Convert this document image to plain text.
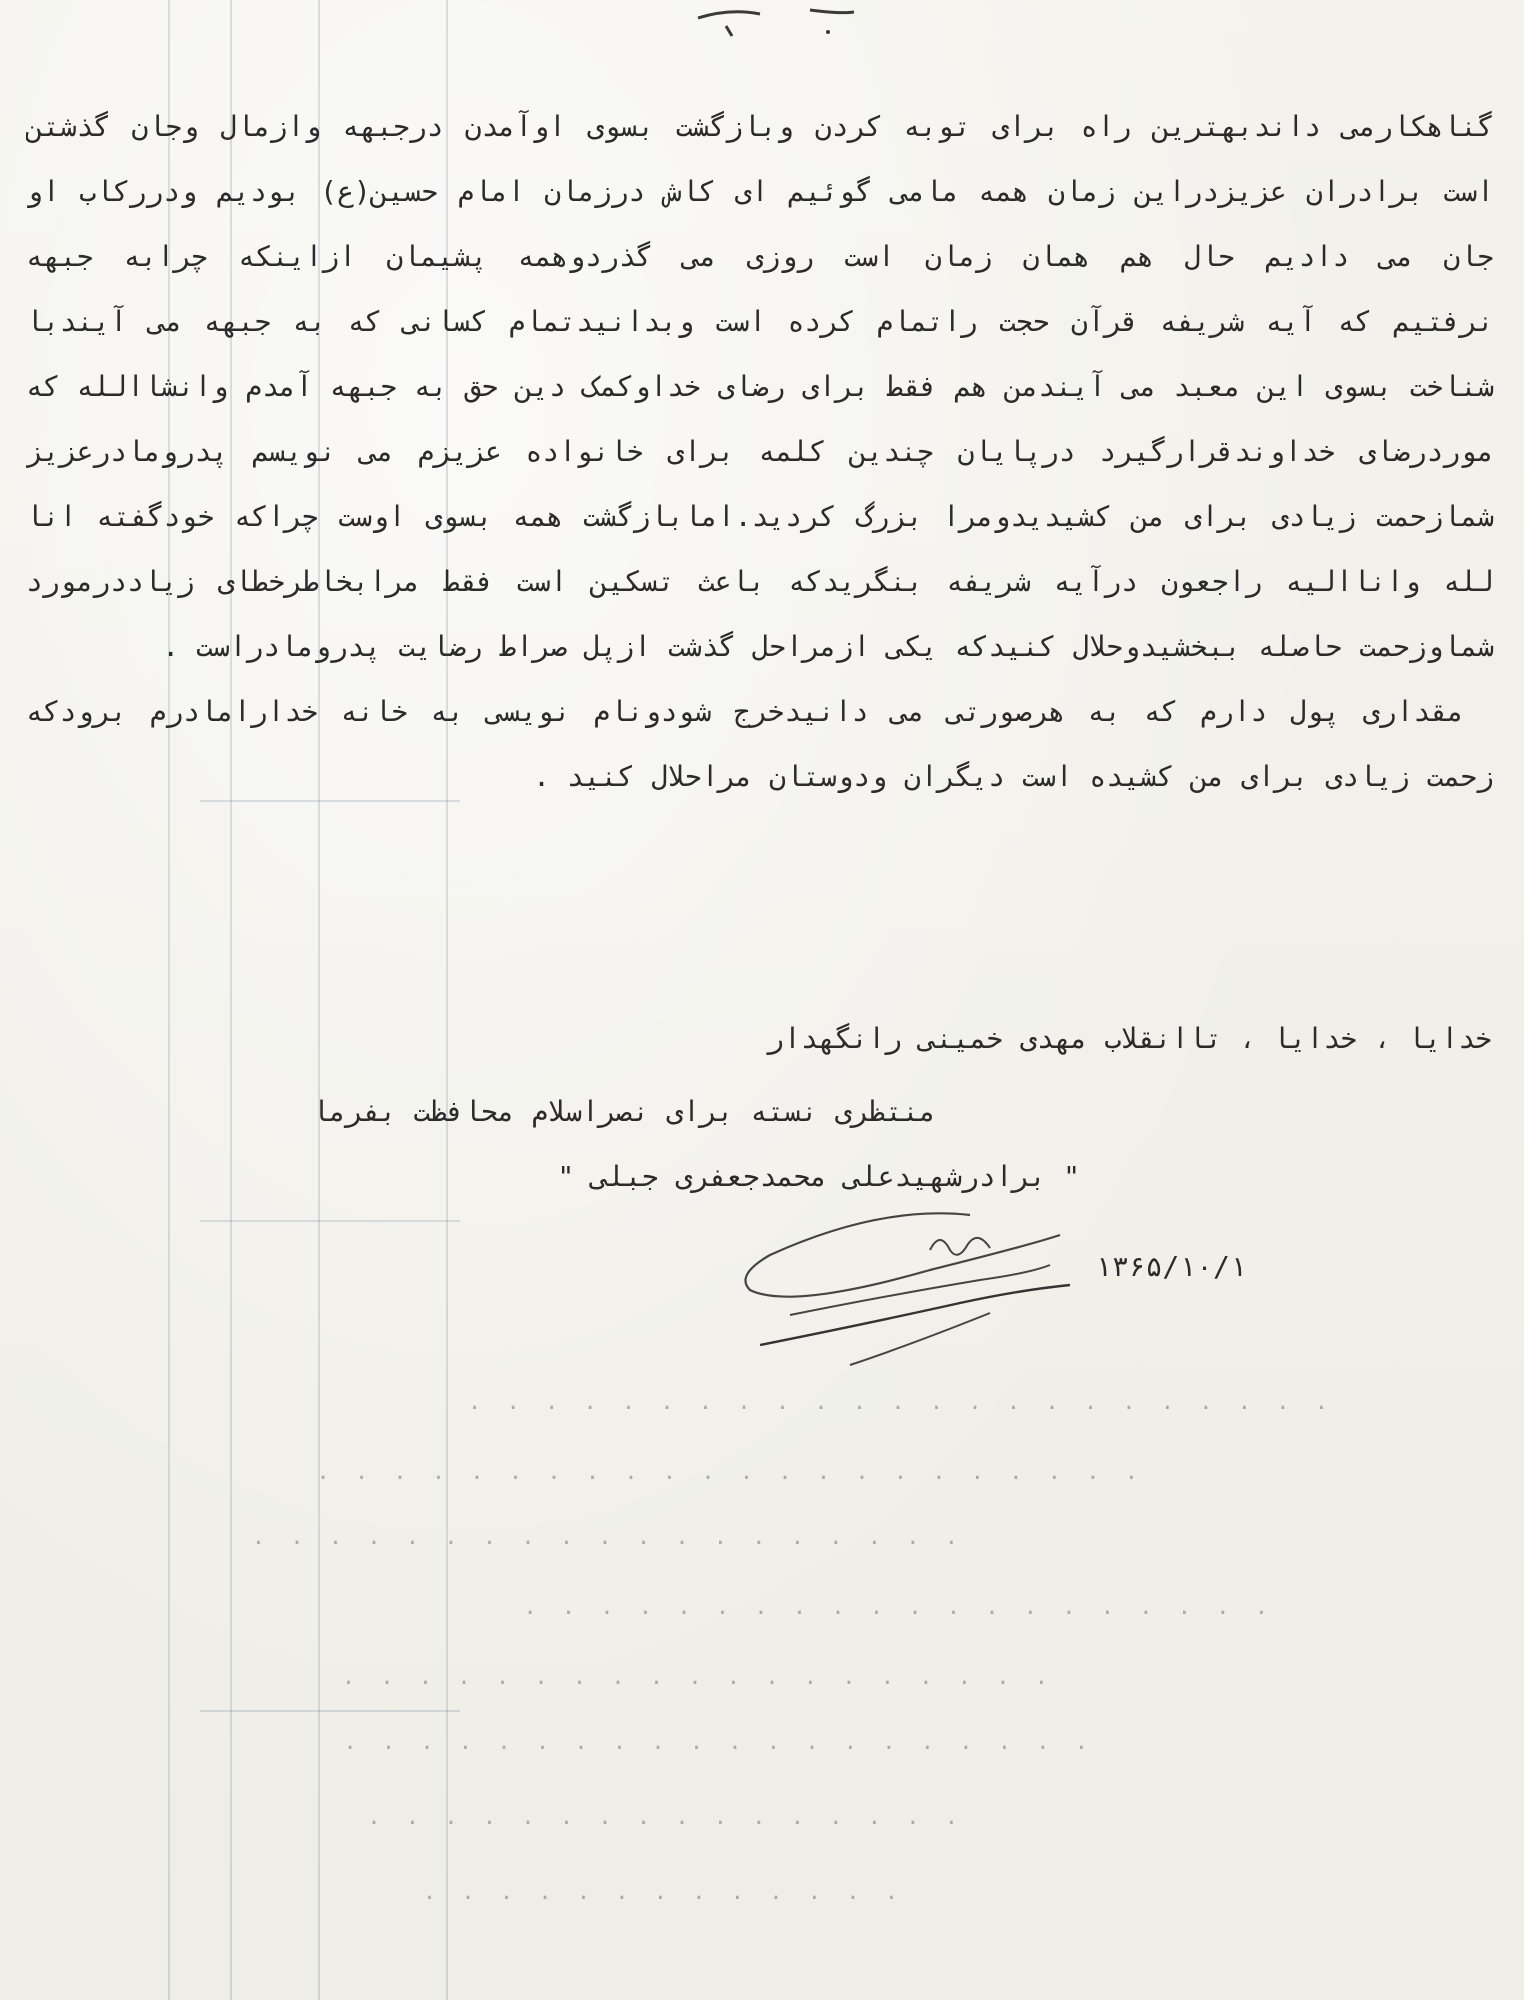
گناهکارمی داندبهترین راه برای توبه کردن وبازگشت بسوی اوآمدن درجبهه وازمال وجان گذشتن
است برادران عزیزدراین زمان همه مامی گوئیم ای کاش درزمان امام حسین(ع) بودیم ودررکاب او
جان می دادیم حال هم همان زمان است روزی می گذردوهمه پشیمان ازاینکه چرابه جبهه
نرفتیم که آیه شریفه قرآن حجت راتمام کرده است وبدانیدتمام کسانی که به جبهه می آیندبا
شناخت بسوی این معبد می آیندمن هم فقط برای رضای خداوکمک دین حق به جبهه آمدم وانشاالله که
موردرضای خداوندقرارگیرد درپایان چندین کلمه برای خانواده عزیزم می نویسم پدرومادرعزیز
شمازحمت زیادی برای من کشیدیدومرا بزرگ کردید.امابازگشت همه بسوی اوست چراکه خودگفته انا
لله واناالیه راجعون درآیه شریفه بنگریدکه باعث تسکین است فقط مرابخاطرخطای زیاددرمورد
شماوزحمت حاصله ببخشیدوحلال کنیدکه یکی ازمراحل گذشت ازپل صراط رضایت پدرومادراست .
مقداری پول دارم که به هرصورتی می دانیدخرج شودونام نویسی به خانه خدارامادرم برودکه
زحمت زیادی برای من کشیده است دیگران ودوستان مراحلال کنید .
خدایا ، خدایا ، تاانقلاب مهدی خمینی رانگهدار
منتظری نسته برای نصراسلام محافظت بفرما
" برادرشهیدعلی محمدجعفری جبلی "
۱۳۶۵/۱۰/۱
. . . . . . . . . . . . . . . . . . . . . . .
. . . . . . . . . . . . . . . . . . . . . .
. . . . . . . . . . . . . . . . . . .
. . . . . . . . . . . . . . . . . . . .
. . . . . . . . . . . . . . . . . . .
. . . . . . . . . . . . . . . . . . . .
. . . . . . . . . . . . . . . .
. . . . . . . . . . . . .
